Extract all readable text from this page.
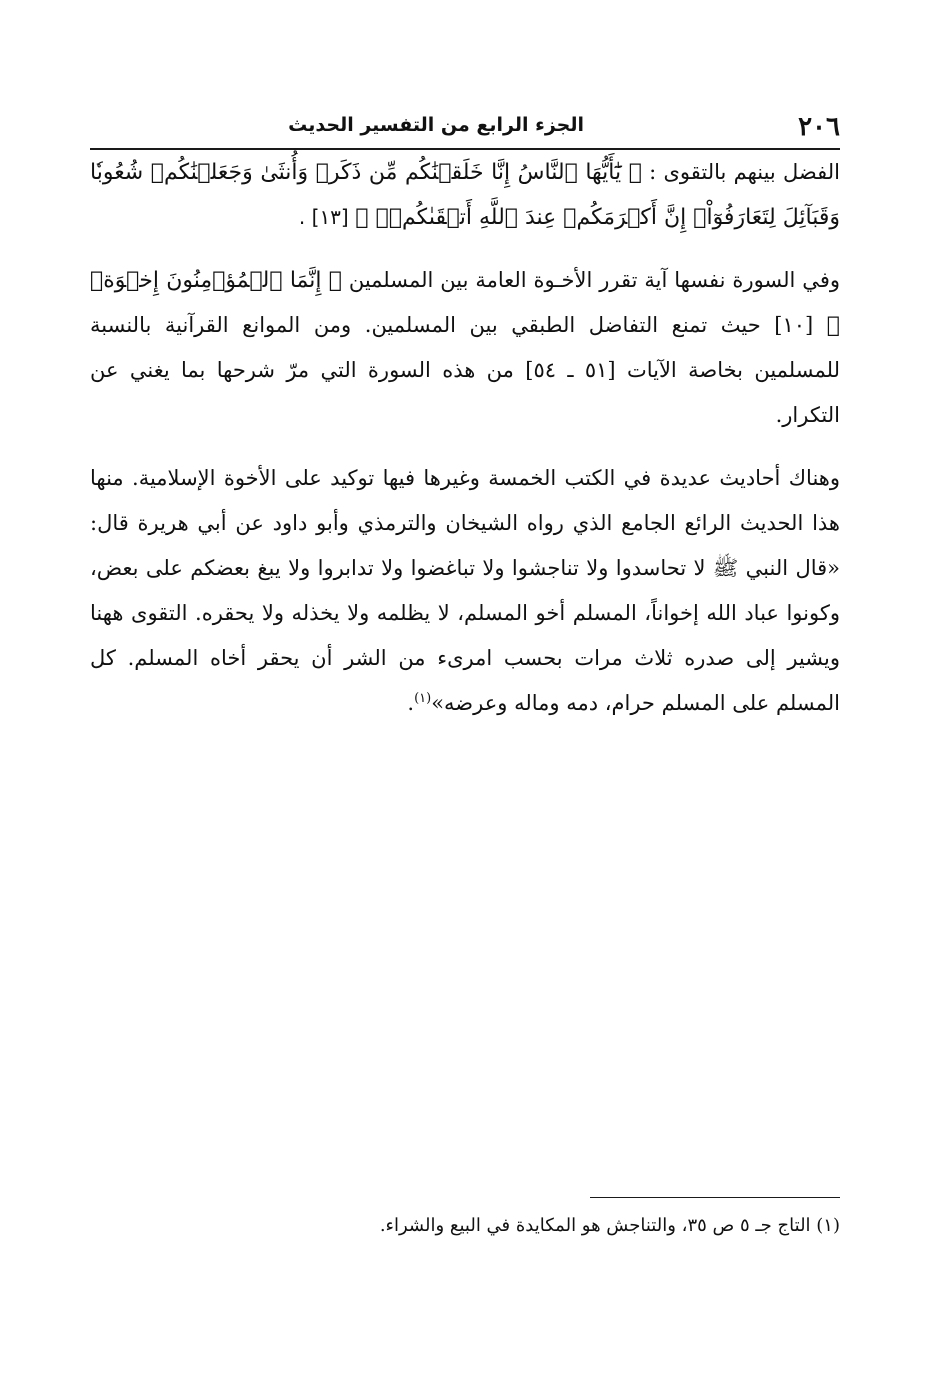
٢٠٦
الجزء الرابع من التفسير الحديث

الفضل بينهم بالتقوى : ﴿ يَٰٓأَيُّهَا ٱلنَّاسُ إِنَّا خَلَقۡنَٰكُم مِّن ذَكَرٖ وَأُنثَىٰ وَجَعَلۡنَٰكُمۡ شُعُوبٗا وَقَبَآئِلَ لِتَعَارَفُوٓاْۚ إِنَّ أَكۡرَمَكُمۡ عِندَ ٱللَّهِ أَتۡقَىٰكُمۡۚ ﴾ [١٣] .

وفي السورة نفسها آية تقرر الأخـوة العامة بين المسلمين ﴿ إِنَّمَا ٱلۡمُؤۡمِنُونَ إِخۡوَةٞ ﴾ [١٠] حيث تمنع التفاضل الطبقي بين المسلمين. ومن الموانع القرآنية بالنسبة للمسلمين بخاصة الآيات [٥١ ـ ٥٤] من هذه السورة التي مرّ شرحها بما يغني عن التكرار.

وهناك أحاديث عديدة في الكتب الخمسة وغيرها فيها توكيد على الأخوة الإسلامية. منها هذا الحديث الرائع الجامع الذي رواه الشيخان والترمذي وأبو داود عن أبي هريرة قال: «قال النبي ﷺ لا تحاسدوا ولا تناجشوا ولا تباغضوا ولا تدابروا ولا يبغ بعضكم على بعض، وكونوا عباد الله إخواناً، المسلم أخو المسلم، لا يظلمه ولا يخذله ولا يحقره. التقوى ههنا ويشير إلى صدره ثلاث مرات بحسب امرىء من الشر أن يحقر أخاه المسلم. كل المسلم على المسلم حرام، دمه وماله وعرضه»$^{(١)}$.

(١) التاج جـ ٥ ص ٣٥، والتناجش هو المكايدة في البيع والشراء.
